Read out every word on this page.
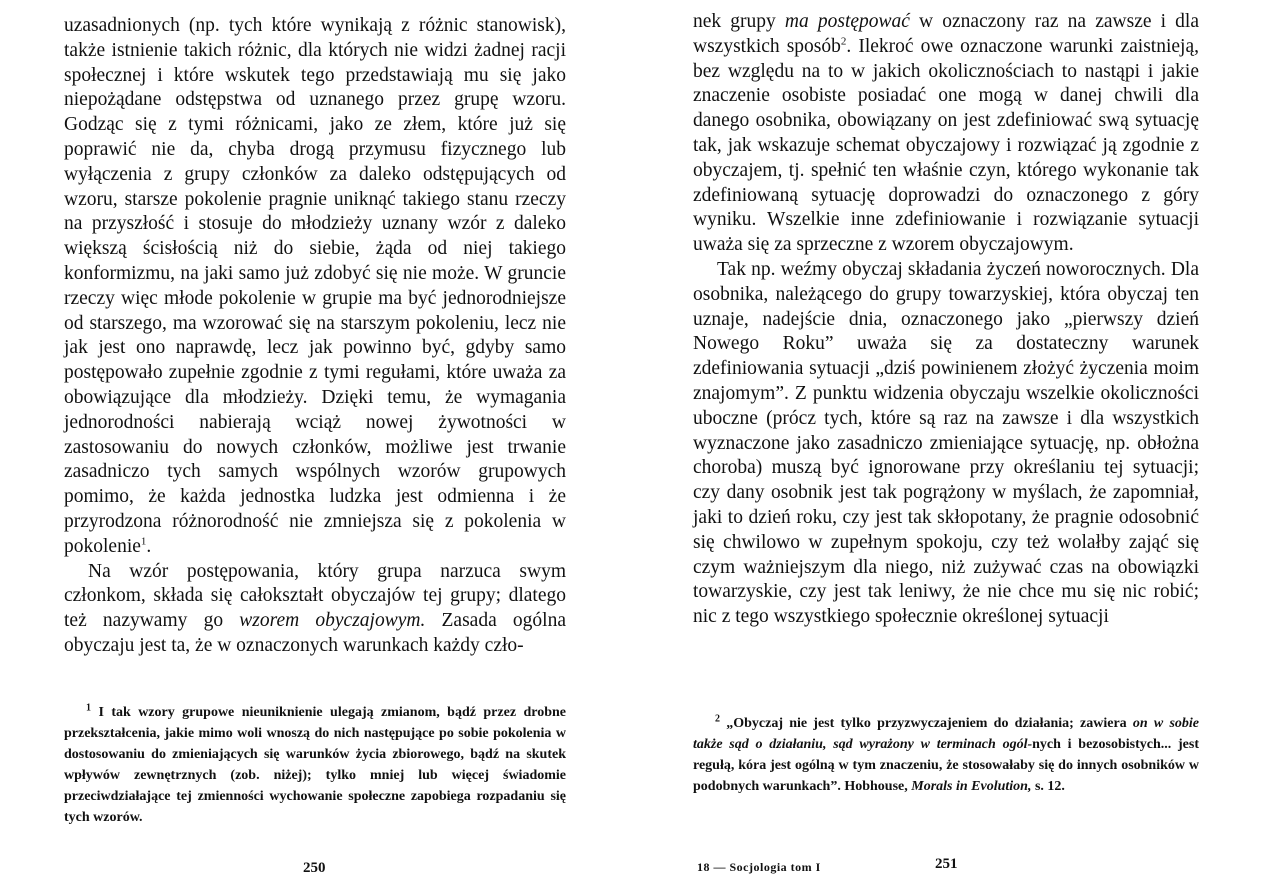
uzasadnionych (np. tych które wynikają z różnic stanowisk), także istnienie takich różnic, dla których nie widzi żadnej racji społecznej i które wskutek tego przedstawiają mu się jako niepożądane odstępstwa od uznanego przez grupę wzoru. Godząc się z tymi różnicami, jako ze złem, które już się poprawić nie da, chyba drogą przymusu fizycznego lub wyłączenia z grupy członków za daleko odstępujących od wzoru, starsze pokolenie pragnie uniknąć takiego stanu rzeczy na przyszłość i stosuje do młodzieży uznany wzór z daleko większą ścisłością niż do siebie, żąda od niej takiego konformizmu, na jaki samo już zdobyć się nie może. W gruncie rzeczy więc młode pokolenie w grupie ma być jednorodniejsze od starszego, ma wzorować się na starszym pokoleniu, lecz nie jak jest ono naprawdę, lecz jak powinno być, gdyby samo postępowało zupełnie zgodnie z tymi regułami, które uważa za obowiązujące dla młodzieży. Dzięki temu, że wymagania jednorodności nabierają wciąż nowej żywotności w zastosowaniu do nowych członków, możliwe jest trwanie zasadniczo tych samych wspólnych wzorów grupowych pomimo, że każda jednostka ludzka jest odmienna i że przyrodzona różnorodność nie zmniejsza się z pokolenia w pokolenie$^1$.

Na wzór postępowania, który grupa narzuca swym członkom, składa się całokształt obyczajów tej grupy; dlatego też nazywamy go wzorem obyczajowym. Zasada ogólna obyczaju jest ta, że w oznaczonych warunkach każdy czło-

$^1$ I tak wzory grupowe nieuniknienie ulegają zmianom, bądź przez drobne przekształcenia, jakie mimo woli wnoszą do nich następujące po sobie pokolenia w dostosowaniu do zmieniających się warunków życia zbiorowego, bądź na skutek wpływów zewnętrznych (zob. niżej); tylko mniej lub więcej świadomie przeciwdziałające tej zmienności wychowanie społeczne zapobiega rozpadaniu się tych wzorów.

250

nek grupy ma postępować w oznaczony raz na zawsze i dla wszystkich sposób$^2$. Ilekroć owe oznaczone warunki zaistnieją, bez względu na to w jakich okolicznościach to nastąpi i jakie znaczenie osobiste posiadać one mogą w danej chwili dla danego osobnika, obowiązany on jest zdefiniować swą sytuację tak, jak wskazuje schemat obyczajowy i rozwiązać ją zgodnie z obyczajem, tj. spełnić ten właśnie czyn, którego wykonanie tak zdefiniowaną sytuację doprowadzi do oznaczonego z góry wyniku. Wszelkie inne zdefiniowanie i rozwiązanie sytuacji uważa się za sprzeczne z wzorem obyczajowym.

Tak np. weźmy obyczaj składania życzeń noworocznych. Dla osobnika, należącego do grupy towarzyskiej, która obyczaj ten uznaje, nadejście dnia, oznaczonego jako „pierwszy dzień Nowego Roku” uważa się za dostateczny warunek zdefiniowania sytuacji „dziś powinienem złożyć życzenia moim znajomym”. Z punktu widzenia obyczaju wszelkie okoliczności uboczne (prócz tych, które są raz na zawsze i dla wszystkich wyznaczone jako zasadniczo zmieniające sytuację, np. obłożna choroba) muszą być ignorowane przy określaniu tej sytuacji; czy dany osobnik jest tak pogrążony w myślach, że zapomniał, jaki to dzień roku, czy jest tak skłopotany, że pragnie odosobnić się chwilowo w zupełnym spokoju, czy też wolałby zająć się czym ważniejszym dla niego, niż zużywać czas na obowiązki towarzyskie, czy jest tak leniwy, że nie chce mu się nic robić; nic z tego wszystkiego społecznie określonej sytuacji

$^2$ „Obyczaj nie jest tylko przyzwyczajeniem do działania; zawiera on w sobie także sąd o działaniu, sąd wyrażony w terminach ogól-nych i bezosobistych... jest regułą, kóra jest ogólną w tym znaczeniu, że stosowałaby się do innych osobników w podobnych warunkach”. Hobhouse, Morals in Evolution, s. 12.

18 — Socjologia tom I	251
